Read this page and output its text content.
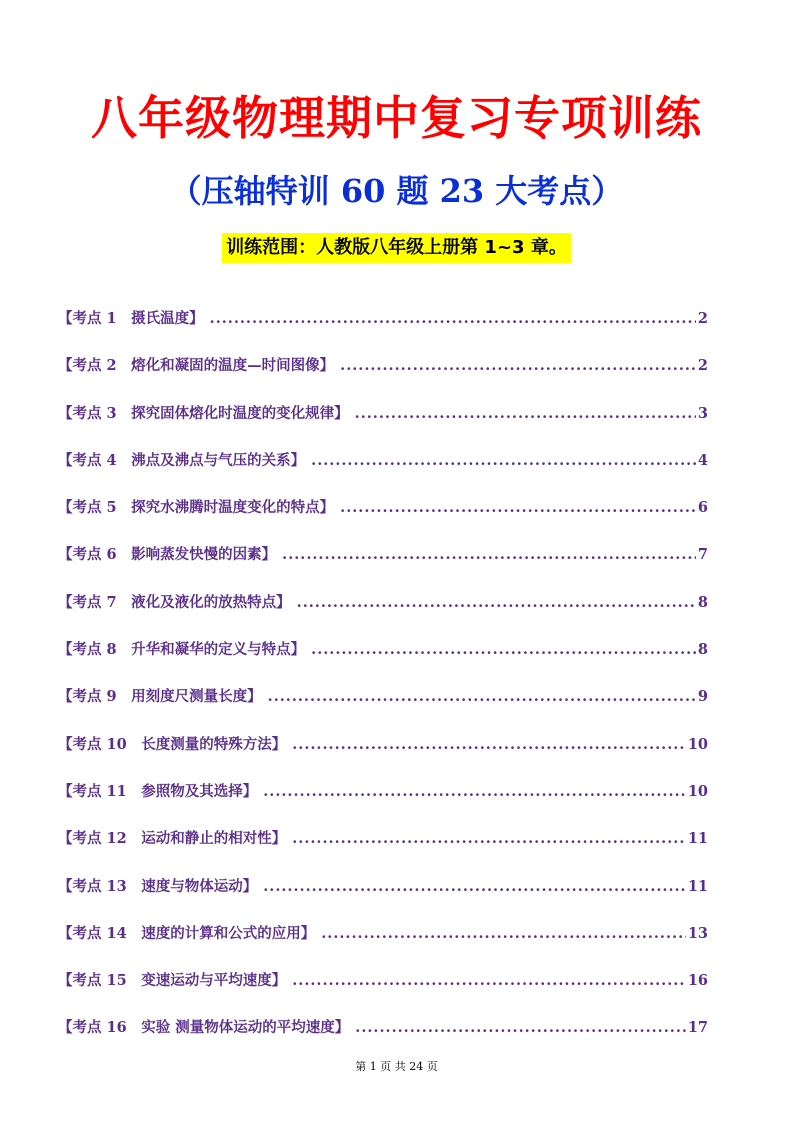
八年级物理期中复习专项训练
（压轴特训 60 题 23 大考点）
训练范围：人教版八年级上册第 1~3 章。
【考点 1　摄氏温度】 .....	2
【考点 2　熔化和凝固的温度—时间图像】 .....	2
【考点 3　探究固体熔化时温度的变化规律】 .....	3
【考点 4　沸点及沸点与气压的关系】 .....	4
【考点 5　探究水沸腾时温度变化的特点】 .....	6
【考点 6　影响蒸发快慢的因素】 .....	7
【考点 7　液化及液化的放热特点】 .....	8
【考点 8　升华和凝华的定义与特点】 .....	8
【考点 9　用刻度尺测量长度】 .....	9
【考点 10　长度测量的特殊方法】 .....	10
【考点 11　参照物及其选择】 .....	10
【考点 12　运动和静止的相对性】 .....	11
【考点 13　速度与物体运动】 .....	11
【考点 14　速度的计算和公式的应用】 .....	13
【考点 15　变速运动与平均速度】 .....	16
【考点 16　实验 测量物体运动的平均速度】 .....	17
第 1 页 共 24 页
